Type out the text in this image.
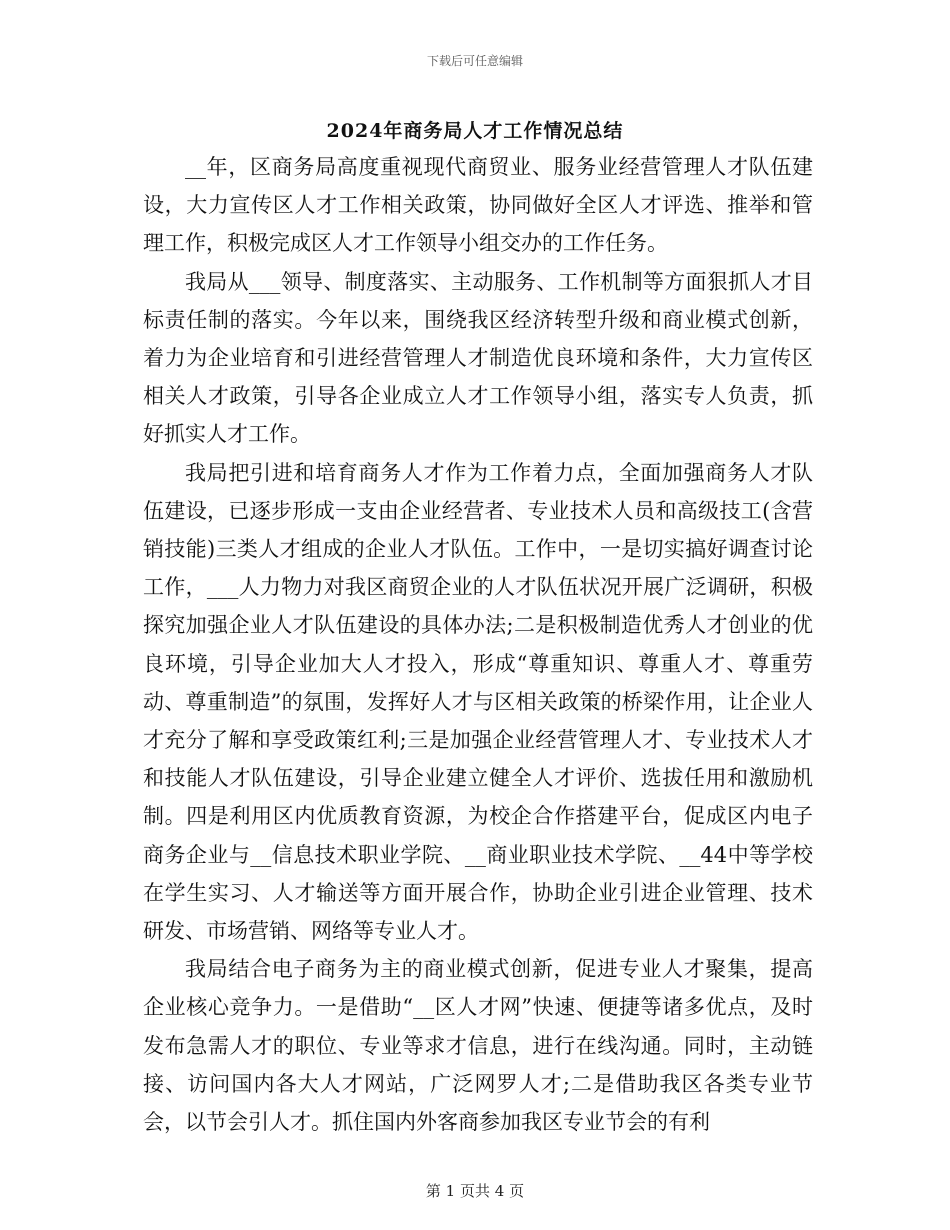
下载后可任意编辑
2024年商务局人才工作情况总结

__年，区商务局高度重视现代商贸业、服务业经营管理人才队伍建设，大力宣传区人才工作相关政策，协同做好全区人才评选、推举和管理工作，积极完成区人才工作领导小组交办的工作任务。

我局从___领导、制度落实、主动服务、工作机制等方面狠抓人才目标责任制的落实。今年以来，围绕我区经济转型升级和商业模式创新，着力为企业培育和引进经营管理人才制造优良环境和条件，大力宣传区相关人才政策，引导各企业成立人才工作领导小组，落实专人负责，抓好抓实人才工作。

我局把引进和培育商务人才作为工作着力点，全面加强商务人才队伍建设，已逐步形成一支由企业经营者、专业技术人员和高级技工(含营销技能)三类人才组成的企业人才队伍。工作中，一是切实搞好调查讨论工作，___人力物力对我区商贸企业的人才队伍状况开展广泛调研，积极探究加强企业人才队伍建设的具体办法;二是积极制造优秀人才创业的优良环境，引导企业加大人才投入，形成“尊重知识、尊重人才、尊重劳动、尊重制造”的氛围，发挥好人才与区相关政策的桥梁作用，让企业人才充分了解和享受政策红利;三是加强企业经营管理人才、专业技术人才和技能人才队伍建设，引导企业建立健全人才评价、选拔任用和激励机制。四是利用区内优质教育资源，为校企合作搭建平台，促成区内电子商务企业与__信息技术职业学院、__商业职业技术学院、__44中等学校在学生实习、人才输送等方面开展合作，协助企业引进企业管理、技术研发、市场营销、网络等专业人才。

我局结合电子商务为主的商业模式创新，促进专业人才聚集，提高企业核心竞争力。一是借助“__区人才网”快速、便捷等诸多优点，及时发布急需人才的职位、专业等求才信息，进行在线沟通。同时，主动链接、访问国内各大人才网站，广泛网罗人才;二是借助我区各类专业节会，以节会引人才。抓住国内外客商参加我区专业节会的有利

第 1 页共 4 页
